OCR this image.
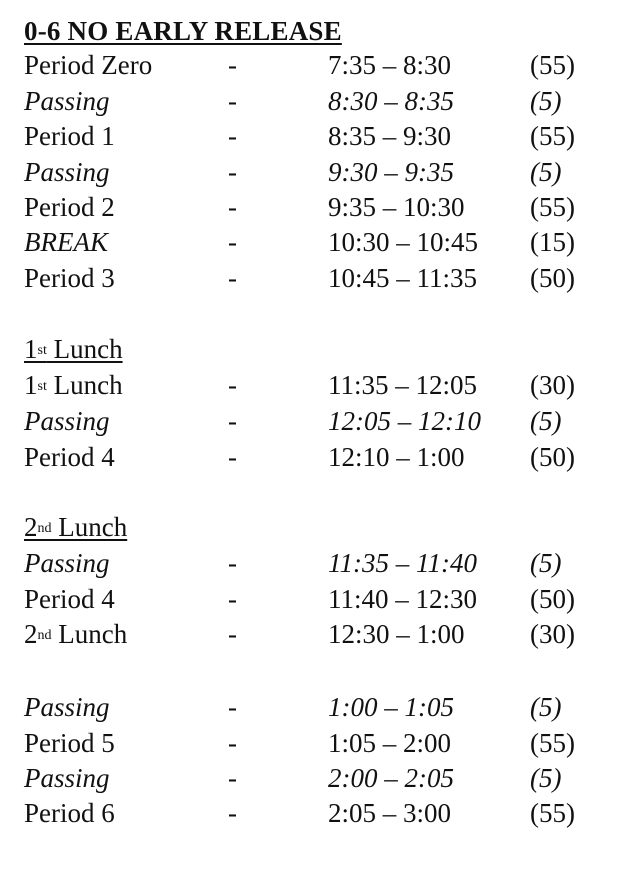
0-6 NO EARLY RELEASE
Period Zero	-	7:35 – 8:30	(55)
Passing	-	8:30 – 8:35	(5)
Period 1	-	8:35 – 9:30	(55)
Passing	-	9:30 – 9:35	(5)
Period 2	-	9:35 – 10:30 (55)
BREAK	-	10:30 – 10:45 (15)
Period 3	-	10:45 – 11:35 (50)
1st Lunch
1st Lunch	-	11:35 – 12:05 (30)
Passing	-	12:05 – 12:10 (5)
Period 4	-	12:10 – 1:00 (50)
2nd Lunch
Passing	-	11:35 – 11:40 (5)
Period 4	-	11:40 – 12:30 (50)
2nd Lunch	-	12:30 – 1:00 (30)
Passing	-	1:00 – 1:05	(5)
Period 5	-	1:05 – 2:00	(55)
Passing	-	2:00 – 2:05	(5)
Period 6	-	2:05 – 3:00	(55)
